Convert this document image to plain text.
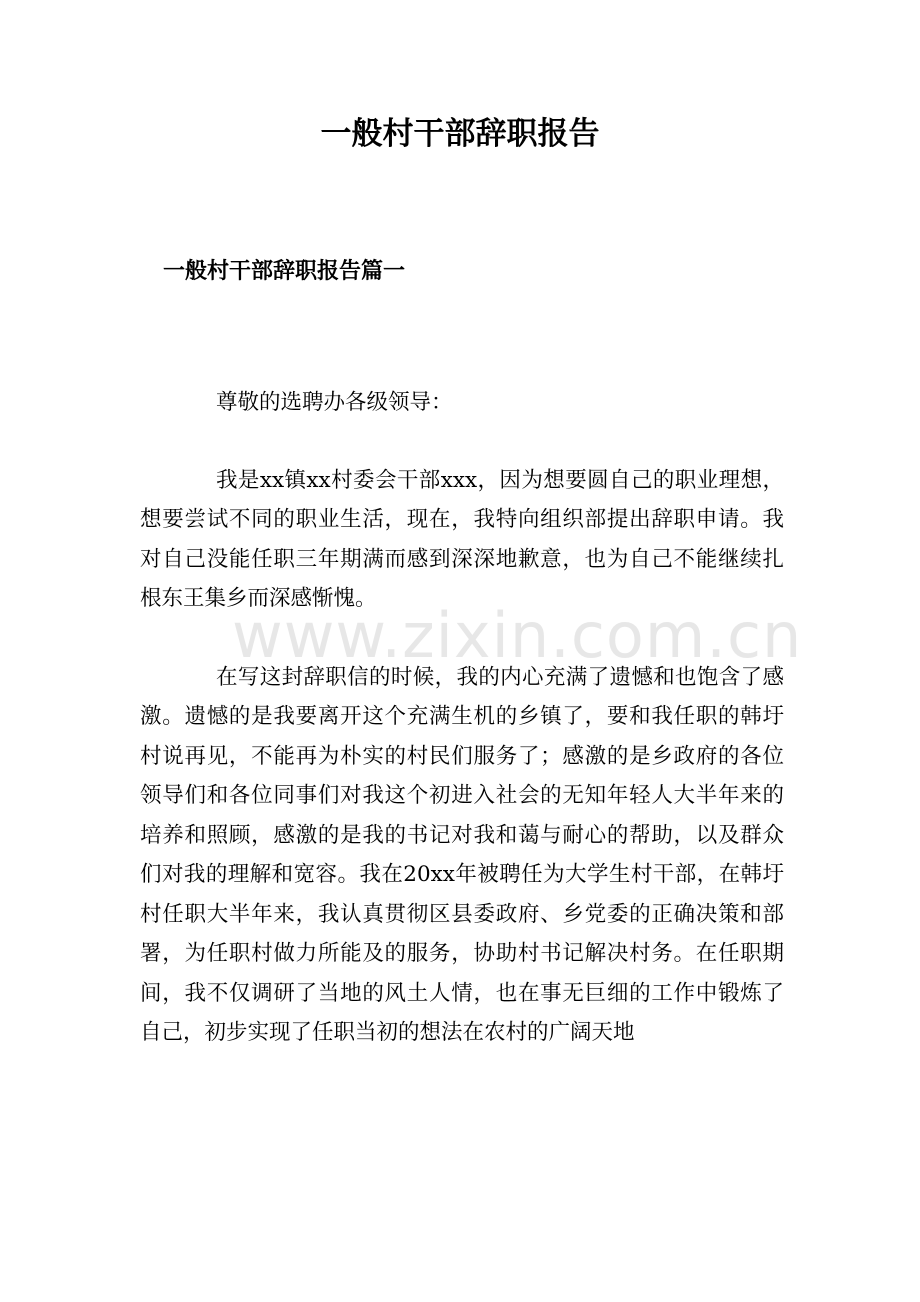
一般村干部辞职报告
一般村干部辞职报告篇一

尊敬的选聘办各级领导：

我是xx镇xx村委会干部xxx，因为想要圆自己的职业理想，想要尝试不同的职业生活，现在，我特向组织部提出辞职申请。我对自己没能任职三年期满而感到深深地歉意，也为自己不能继续扎根东王集乡而深感惭愧。

在写这封辞职信的时候，我的内心充满了遗憾和也饱含了感激。遗憾的是我要离开这个充满生机的乡镇了，要和我任职的韩圩村说再见，不能再为朴实的村民们服务了；感激的是乡政府的各位领导们和各位同事们对我这个初进入社会的无知年轻人大半年来的培养和照顾，感激的是我的书记对我和蔼与耐心的帮助，以及群众们对我的理解和宽容。我在20xx年被聘任为大学生村干部，在韩圩村任职大半年来，我认真贯彻区县委政府、乡党委的正确决策和部署，为任职村做力所能及的服务，协助村书记解决村务。在任职期间，我不仅调研了当地的风土人情，也在事无巨细的工作中锻炼了自己，初步实现了任职当初的想法在农村的广阔天地

www.zixin.com.cn
